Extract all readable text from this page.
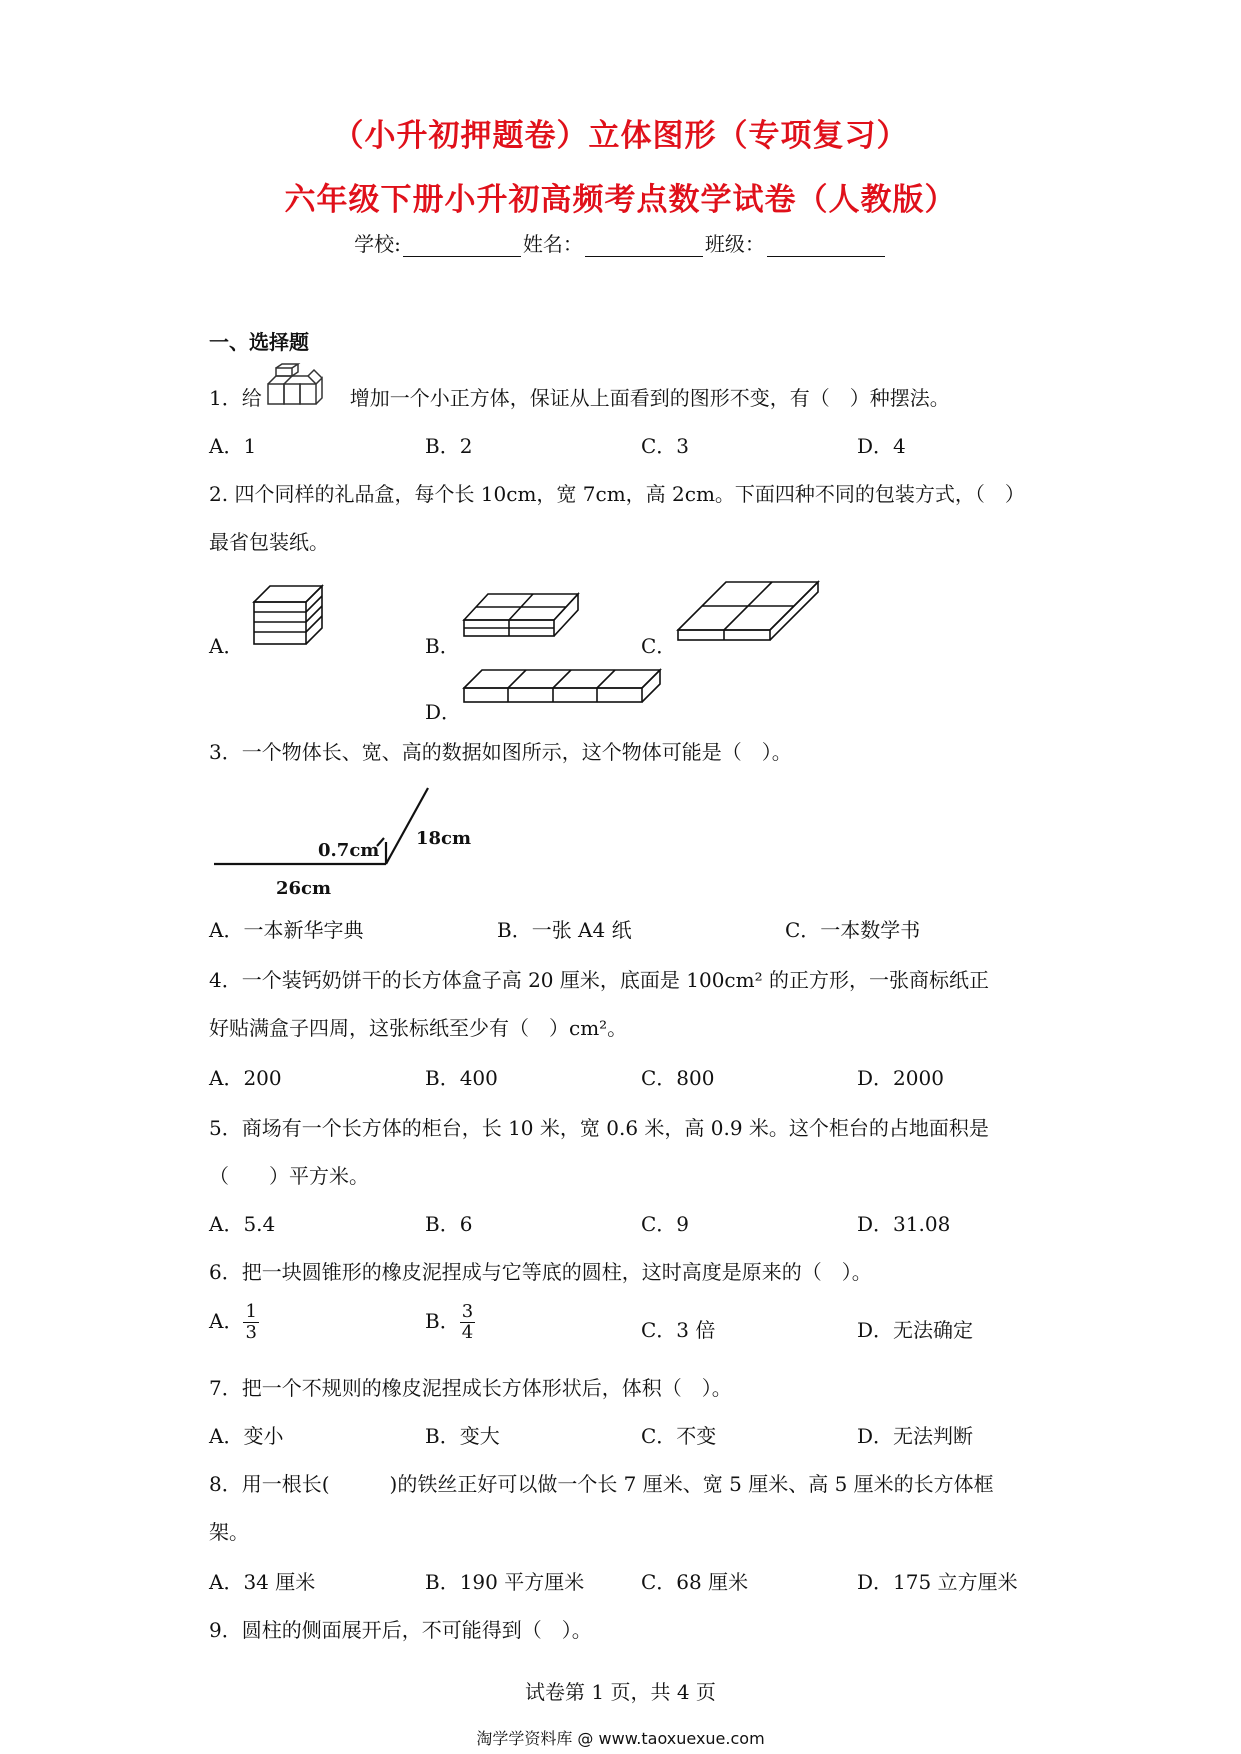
（小升初押题卷）立体图形（专项复习）
六年级下册小升初高频考点数学试卷（人教版）
学校:	姓名：	班级：
一、选择题
1．给	增加一个小正方体，保证从上面看到的图形不变，有（　）种摆法。
A．1	B．2	C．3	D．4
2. 四个同样的礼品盒，每个长 10cm，宽 7cm，高 2cm。下面四种不同的包装方式，（　）
最省包装纸。
A．	B．	C．
D．
3．一个物体长、宽、高的数据如图所示，这个物体可能是（　）。
0.7cm
18cm
26cm
A．一本新华字典	B．一张 A4 纸	C．一本数学书
4．一个装钙奶饼干的长方体盒子高 20 厘米，底面是 100cm² 的正方形，一张商标纸正
好贴满盒子四周，这张标纸至少有（　）cm²。
A．200	B．400	C．800	D．2000
5．商场有一个长方体的柜台，长 10 米，宽 0.6 米，高 0.9 米。这个柜台的占地面积是
（　　）平方米。
A．5.4	B．6	C．9	D．31.08
6．把一块圆锥形的橡皮泥捏成与它等底的圆柱，这时高度是原来的（　）。
A． $\frac{1}{3}$	B． $\frac{3}{4}$	C．3 倍	D．无法确定
7．把一个不规则的橡皮泥捏成长方体形状后，体积（　）。
A．变小	B．变大	C．不变	D．无法判断
8．用一根长(　　　)的铁丝正好可以做一个长 7 厘米、宽 5 厘米、高 5 厘米的长方体框
架。
A．34 厘米	B．190 平方厘米	C．68 厘米	D．175 立方厘米
9．圆柱的侧面展开后，不可能得到（　）。
试卷第 1 页，共 4 页
淘学学资料库 @ www.taoxuexue.com
